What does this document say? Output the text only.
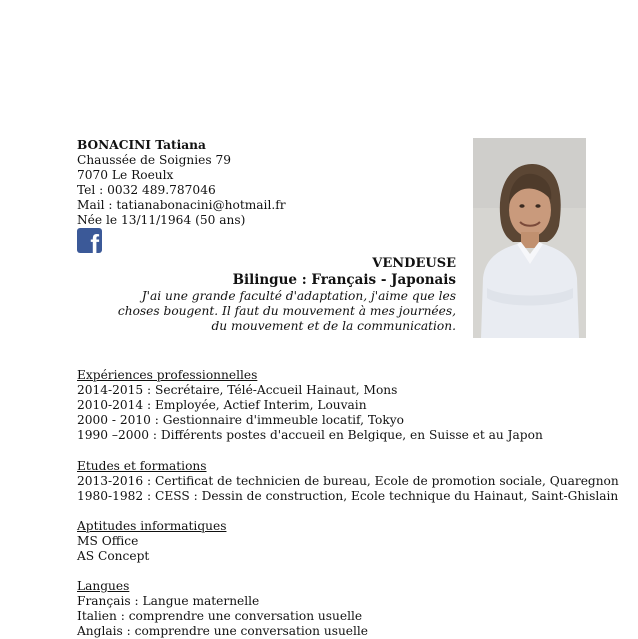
BONACINI Tatiana
Chaussée de Soignies 79
7070 Le Roeulx
Tel : 0032 489.787046
Mail : tatianabonacini@hotmail.fr
Née le 13/11/1964 (50 ans)
f
VENDEUSE
Bilingue : Français - Japonais
J'ai une grande faculté d'adaptation, j'aime que les
choses bougent. Il faut du mouvement à mes journées,
du mouvement et de la communication.
Expériences professionnelles
2014-2015 : Secrétaire, Télé-Accueil Hainaut, Mons
2010-2014 : Employée, Actief Interim, Louvain
2000 - 2010 : Gestionnaire d'immeuble locatif, Tokyo
1990 –2000 : Différents postes d'accueil en Belgique, en Suisse et au Japon
Etudes et formations
2013-2016 : Certificat de technicien de bureau, Ecole de promotion sociale, Quaregnon
1980-1982 : CESS : Dessin de construction, Ecole technique du Hainaut, Saint-Ghislain
Aptitudes informatiques
MS Office
AS Concept
Langues
Français : Langue maternelle
Italien : comprendre une conversation usuelle
Anglais : comprendre une conversation usuelle
